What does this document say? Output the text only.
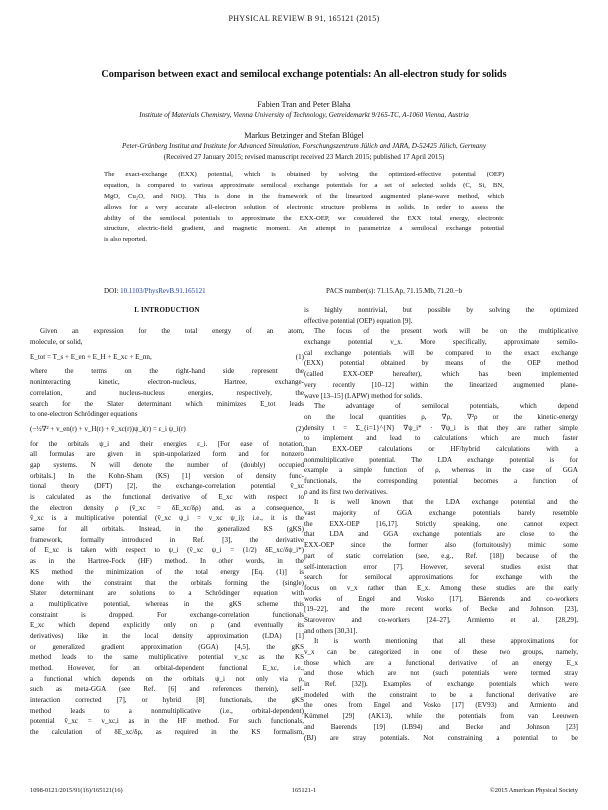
PHYSICAL REVIEW B 91, 165121 (2015)
Comparison between exact and semilocal exchange potentials: An all-electron study for solids
Fabien Tran and Peter Blaha
Institute of Materials Chemistry, Vienna University of Technology, Getreidemarkt 9/165-TC, A-1060 Vienna, Austria
Markus Betzinger and Stefan Blügel
Peter-Grünberg Institut and Institute for Advanced Simulation, Forschungszentrum Jülich and JARA, D-52425 Jülich, Germany
(Received 27 January 2015; revised manuscript received 23 March 2015; published 17 April 2015)
The exact-exchange (EXX) potential, which is obtained by solving the optimized-effective potential (OEP)
equation, is compared to various approximate semilocal exchange potentials for a set of selected solids (C, Si, BN,
MgO, Cu₂O, and NiO). This is done in the framework of the linearized augmented plane-wave method, which
allows for a very accurate all-electron solution of electronic structure problems in solids. In order to assess the
ability of the semilocal potentials to approximate the EXX-OEP, we considered the EXX total energy, electronic
structure, electric-field gradient, and magnetic moment. An attempt to parametrize a semilocal exchange potential
is also reported.
DOI: 10.1103/PhysRevB.91.165121	PACS number(s): 71.15.Ap, 71.15.Mb, 71.20.−b
I. INTRODUCTION
Given an expression for the total energy of an atom,
molecule, or solid,
E_tot = T_s + E_en + E_H + E_xc + E_nn,	(1)
where the terms on the right-hand side represent the
noninteracting kinetic, electron-nucleus, Hartree, exchange-
correlation, and nucleus-nucleus energies, respectively, the
search for the Slater determinant which minimizes E_tot leads
to one-electron Schrödinger equations
(−½∇² + v_en(r) + v_H(r) + v̂_xc(r))ψ_i(r) = ε_i ψ_i(r)	(2)
for the orbitals ψ_i and their energies ε_i. [For ease of notation,
all formulas are given in spin-unpolarized form and for nonzero
gap systems. N will denote the number of (doubly) occupied
orbitals.] In the Kohn-Sham (KS) [1] version of density func-
tional theory (DFT) [2], the exchange-correlation potential v̂_xc
is calculated as the functional derivative of E_xc with respect to
the electron density ρ (v̂_xc = δE_xc/δρ) and, as a consequence,
v̂_xc is a multiplicative potential (v̂_xc ψ_i = v_xc ψ_i); i.e., it is the
same for all orbitals. Instead, in the generalized KS (gKS)
framework, formally introduced in Ref. [3], the derivative
of E_xc is taken with respect to ψ_i (v̂_xc ψ_i = (1/2) δE_xc/δψ_i*)
as in the Hartree-Fock (HF) method. In other words, in the
KS method the minimization of the total energy [Eq. (1)] is
done with the constraint that the orbitals forming the (single)
Slater determinant are solutions to a Schrödinger equation with
a multiplicative potential, whereas in the gKS scheme this
constraint is dropped. For exchange-correlation functionals
E_xc which depend explicitly only on ρ (and eventually its
derivatives) like in the local density approximation (LDA) [1]
or generalized gradient approximation (GGA) [4,5], the gKS
method leads to the same multiplicative potential v_xc as the KS
method. However, for an orbital-dependent functional E_xc, i.e.,
a functional which depends on the orbitals ψ_i not only via ρ,
such as meta-GGA (see Ref. [6] and references therein), self-
interaction corrected [7], or hybrid [8] functionals, the gKS
method leads to a nonmultiplicative (i.e., orbital-dependent)
potential v̂_xc = v_xc,i as in the HF method. For such functionals,
the calculation of δE_xc/δρ, as required in the KS formalism,
is highly nontrivial, but possible by solving the optimized
effective potential (OEP) equation [9].
The focus of the present work will be on the multiplicative
exchange potential v_x. More specifically, approximate semilo-
cal exchange potentials will be compared to the exact exchange
(EXX) potential obtained by means of the OEP method
(called EXX-OEP hereafter), which has been implemented
very recently [10–12] within the linearized augmented plane-
wave [13–15] (LAPW) method for solids.
The advantage of semilocal potentials, which depend
on the local quantities ρ, ∇ρ, ∇²ρ or the kinetic-energy
density t = Σ_{i=1}^{N} ∇ψ_i* · ∇ψ_i is that they are rather simple
to implement and lead to calculations which are much faster
than EXX-OEP calculations or HF/hybrid calculations with a
nonmultiplicative potential. The LDA exchange potential is for
example a simple function of ρ, whereas in the case of GGA
functionals, the corresponding potential becomes a function of
ρ and its first two derivatives.
It is well known that the LDA exchange potential and the
vast majority of GGA exchange potentials barely resemble
the EXX-OEP [16,17]. Strictly speaking, one cannot expect
that LDA and GGA exchange potentials are close to the
EXX-OEP since the former also (fortuitously) mimic some
part of static correlation (see, e.g., Ref. [18]) because of the
self-interaction error [7]. However, several studies exist that
search for semilocal approximations for exchange with the
focus on v_x rather than E_x. Among these studies are the early
works of Engel and Vosko [17], Bäerends and co-workers
[19–22], and the more recent works of Becke and Johnson [23],
Staroverov and co-workers [24–27], Armiento et al. [28,29],
and others [30,31].
It is worth mentioning that all these approximations for
v_x can be categorized in one of these two groups, namely,
those which are a functional derivative of an energy E_x
and those which are not (such potentials were termed stray
in Ref. [32]). Examples of exchange potentials which were
modeled with the constraint to be a functional derivative are
the ones from Engel and Vosko [17] (EV93) and Armiento and
Kümmel [29] (AK13), while the potentials from van Leeuwen
and Baerends [19] (LB94) and Becke and Johnson [23]
(BJ) are stray potentials. Not constraining a potential to be
1098-0121/2015/91(16)/165121(16)	165121-1	©2015 American Physical Society
